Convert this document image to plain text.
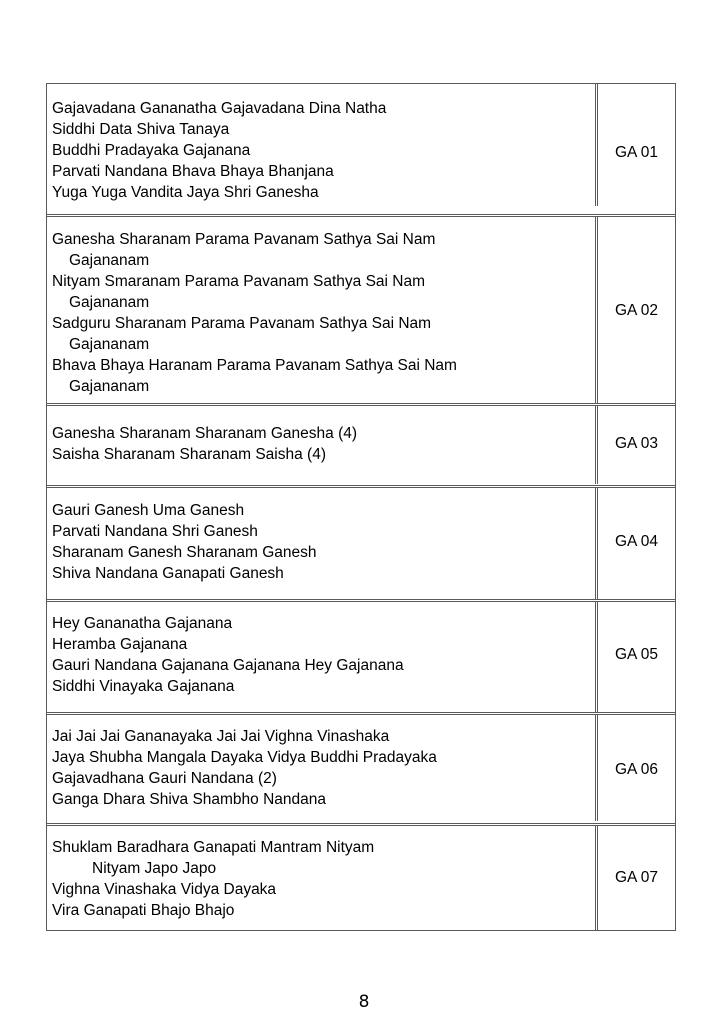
Gajavadana Gananatha Gajavadana Dina Natha
Siddhi Data Shiva Tanaya
Buddhi Pradayaka Gajanana
Parvati Nandana Bhava Bhaya Bhanjana
Yuga Yuga Vandita Jaya Shri Ganesha
GA 01
Ganesha Sharanam Parama Pavanam Sathya Sai Nam
Gajananam
Nityam Smaranam Parama Pavanam Sathya Sai Nam
Gajananam
Sadguru Sharanam Parama Pavanam Sathya Sai Nam
Gajananam
Bhava Bhaya Haranam Parama Pavanam Sathya Sai Nam
Gajananam
GA 02
Ganesha Sharanam Sharanam Ganesha (4)
Saisha Sharanam Sharanam Saisha (4)
GA 03
Gauri Ganesh Uma Ganesh
Parvati Nandana Shri Ganesh
Sharanam Ganesh Sharanam Ganesh
Shiva Nandana Ganapati Ganesh
GA 04
Hey Gananatha Gajanana
Heramba Gajanana
Gauri Nandana Gajanana Gajanana Hey Gajanana
Siddhi Vinayaka Gajanana
GA 05
Jai Jai Jai Gananayaka Jai Jai Vighna Vinashaka
Jaya Shubha Mangala Dayaka Vidya Buddhi Pradayaka
Gajavadhana Gauri Nandana (2)
Ganga Dhara Shiva Shambho Nandana
GA 06
Shuklam Baradhara Ganapati Mantram Nityam
Nityam Japo Japo
Vighna Vinashaka Vidya Dayaka
Vira Ganapati Bhajo Bhajo
GA 07
8
